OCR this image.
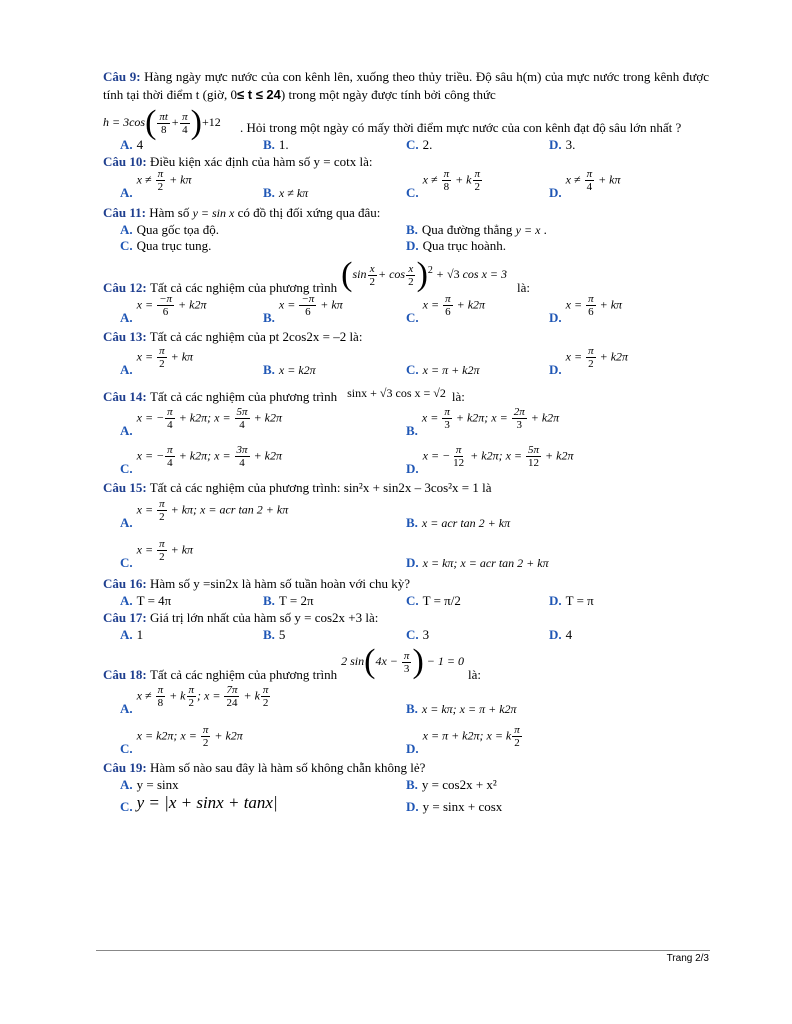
Câu 9: Hàng ngày mực nước của con kênh lên, xuống theo thủy triều. Độ sâu h(m) của mực nước trong kênh được tính tại thời điểm t (giờ, 0≤ t ≤ 24) trong một ngày được tính bởi công thức

$h = 3\cos( \frac{\pi t}{8} + \frac{\pi}{4} )+12$	. Hỏi trong một ngày có mấy thời điểm mực nước của con kênh đạt độ sâu lớn nhất ?

A. 4	B. 1.	C. 2.	D. 3.

Câu 10: Điều kiện xác định của hàm số y = cotx là:

A.
$x \ne \frac{\pi}{2} + k\pi$
B. x ≠ kπ	C.
$x \ne \frac{\pi}{8} + k \frac{\pi}{2}$	D.
$x \ne \frac{\pi}{4} + k\pi$

Câu 11: Hàm số y = sin x có đồ thị đối xứng qua đâu:

A. Qua gốc tọa độ.	B. Qua đường thẳng
y = x
.
C. Qua trục tung.	D. Qua trục hoành.
Câu 12:
Tất cả các nghiệm của phương trình $(\sin \frac{x}{2} + \cos \frac{x}{2} )^2 + √3$ cos x = 3
là:
A.
$x = \frac{-\pi}{6} + k2\pi$
B.
$x = \frac{-\pi}{6} + k\pi$
C.
$x = \frac{\pi}{6} + k2\pi$
D.
$x = \frac{\pi}{6} + k\pi$

Câu 13: Tất cả các nghiệm của pt 2cos2x = –2 là:

A.
$x = \frac{\pi}{2} + k\pi$
B. x = k2π	C. x = π + k2π	D.
$x = \frac{\pi}{2} + k2\pi$
Câu 14:
Tất cả các nghiệm của phương trình sinx + √3 cos x = √2 là:
A.
x = − $\frac{\pi}{4} + k2\pi$; $x = \frac{5\pi}{4} + k2\pi$
B.
$x = \frac{\pi}{3} + k2\pi$; $x = \frac{2\pi}{3} + k2\pi$
C.
x = − $\frac{\pi}{4} + k2\pi$; $x = \frac{3\pi}{4} + k2\pi$
D.
x = − $\frac{\pi}{12} + k2\pi$; $x = \frac{5\pi}{12} + k2\pi$

Câu 15: Tất cả các nghiệm của phương trình: sin²x + sin2x – 3cos²x = 1 là

A.
$x = \frac{\pi}{2} + k\pi$; x = acr tan 2 + kπ
B. x = acr tan 2 + kπ
C.
$x = \frac{\pi}{2} + k\pi$
D. x = kπ; x = acr tan 2 + kπ

Câu 16: Hàm số y =sin2x là hàm số tuần hoàn với chu kỳ?

A. T = 4π	B. T = 2π	C. T = π/2	D. T = π

Câu 17: Giá trị lớn nhất của hàm số y = cos2x +3 là:

A. 1	B. 5	C. 3	D. 4
Câu 18:
Tất cả các nghiệm của phương trình
2 $\sin(4x - \frac{\pi}{3}$ ) − 1 = 0
là:
A.
$x \ne \frac{\pi}{8} + k \frac{\pi}{2}$ ; $x = \frac{7\pi}{24} + k \frac{\pi}{2}$	B. x = kπ; x = π + k2π
C.
x = k2π; $x = \frac{\pi}{2} + k2\pi$
D.
x = π + k2π; x = k $\frac{\pi}{2}$

Câu 19: Hàm số nào sau đây là hàm số không chẵn không lẻ?

A. y = sinx	B. y = cos2x + x²
C. y = |x + sinx + tanx|	D. y = sinx + cosx
Trang 2/3
